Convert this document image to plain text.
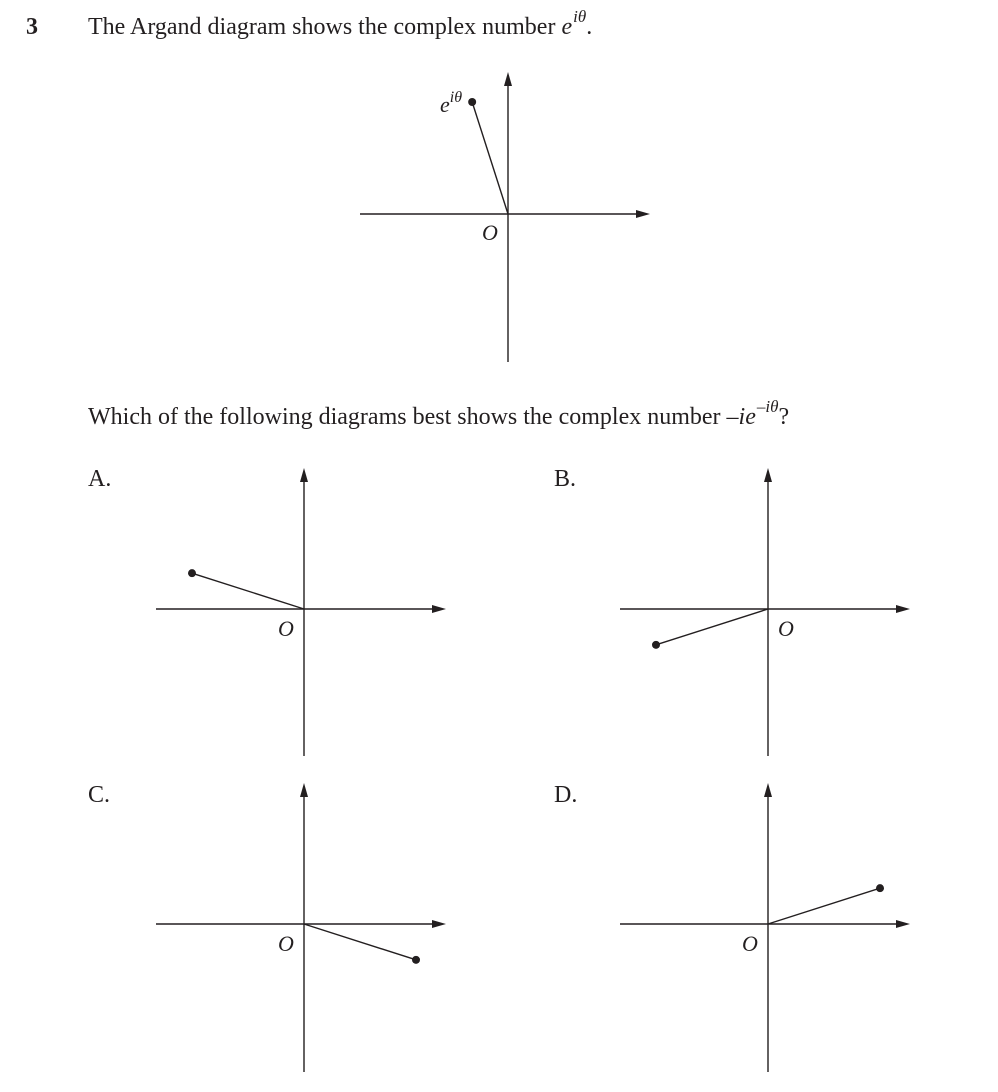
3 The Argand diagram shows the complex number $e^{i\theta}$.
O
$e^{i\theta}$
Which of the following diagrams best shows the complex number $-ie^{-i\theta}$?
A.	B.
C.	D.
O	O
O	O
